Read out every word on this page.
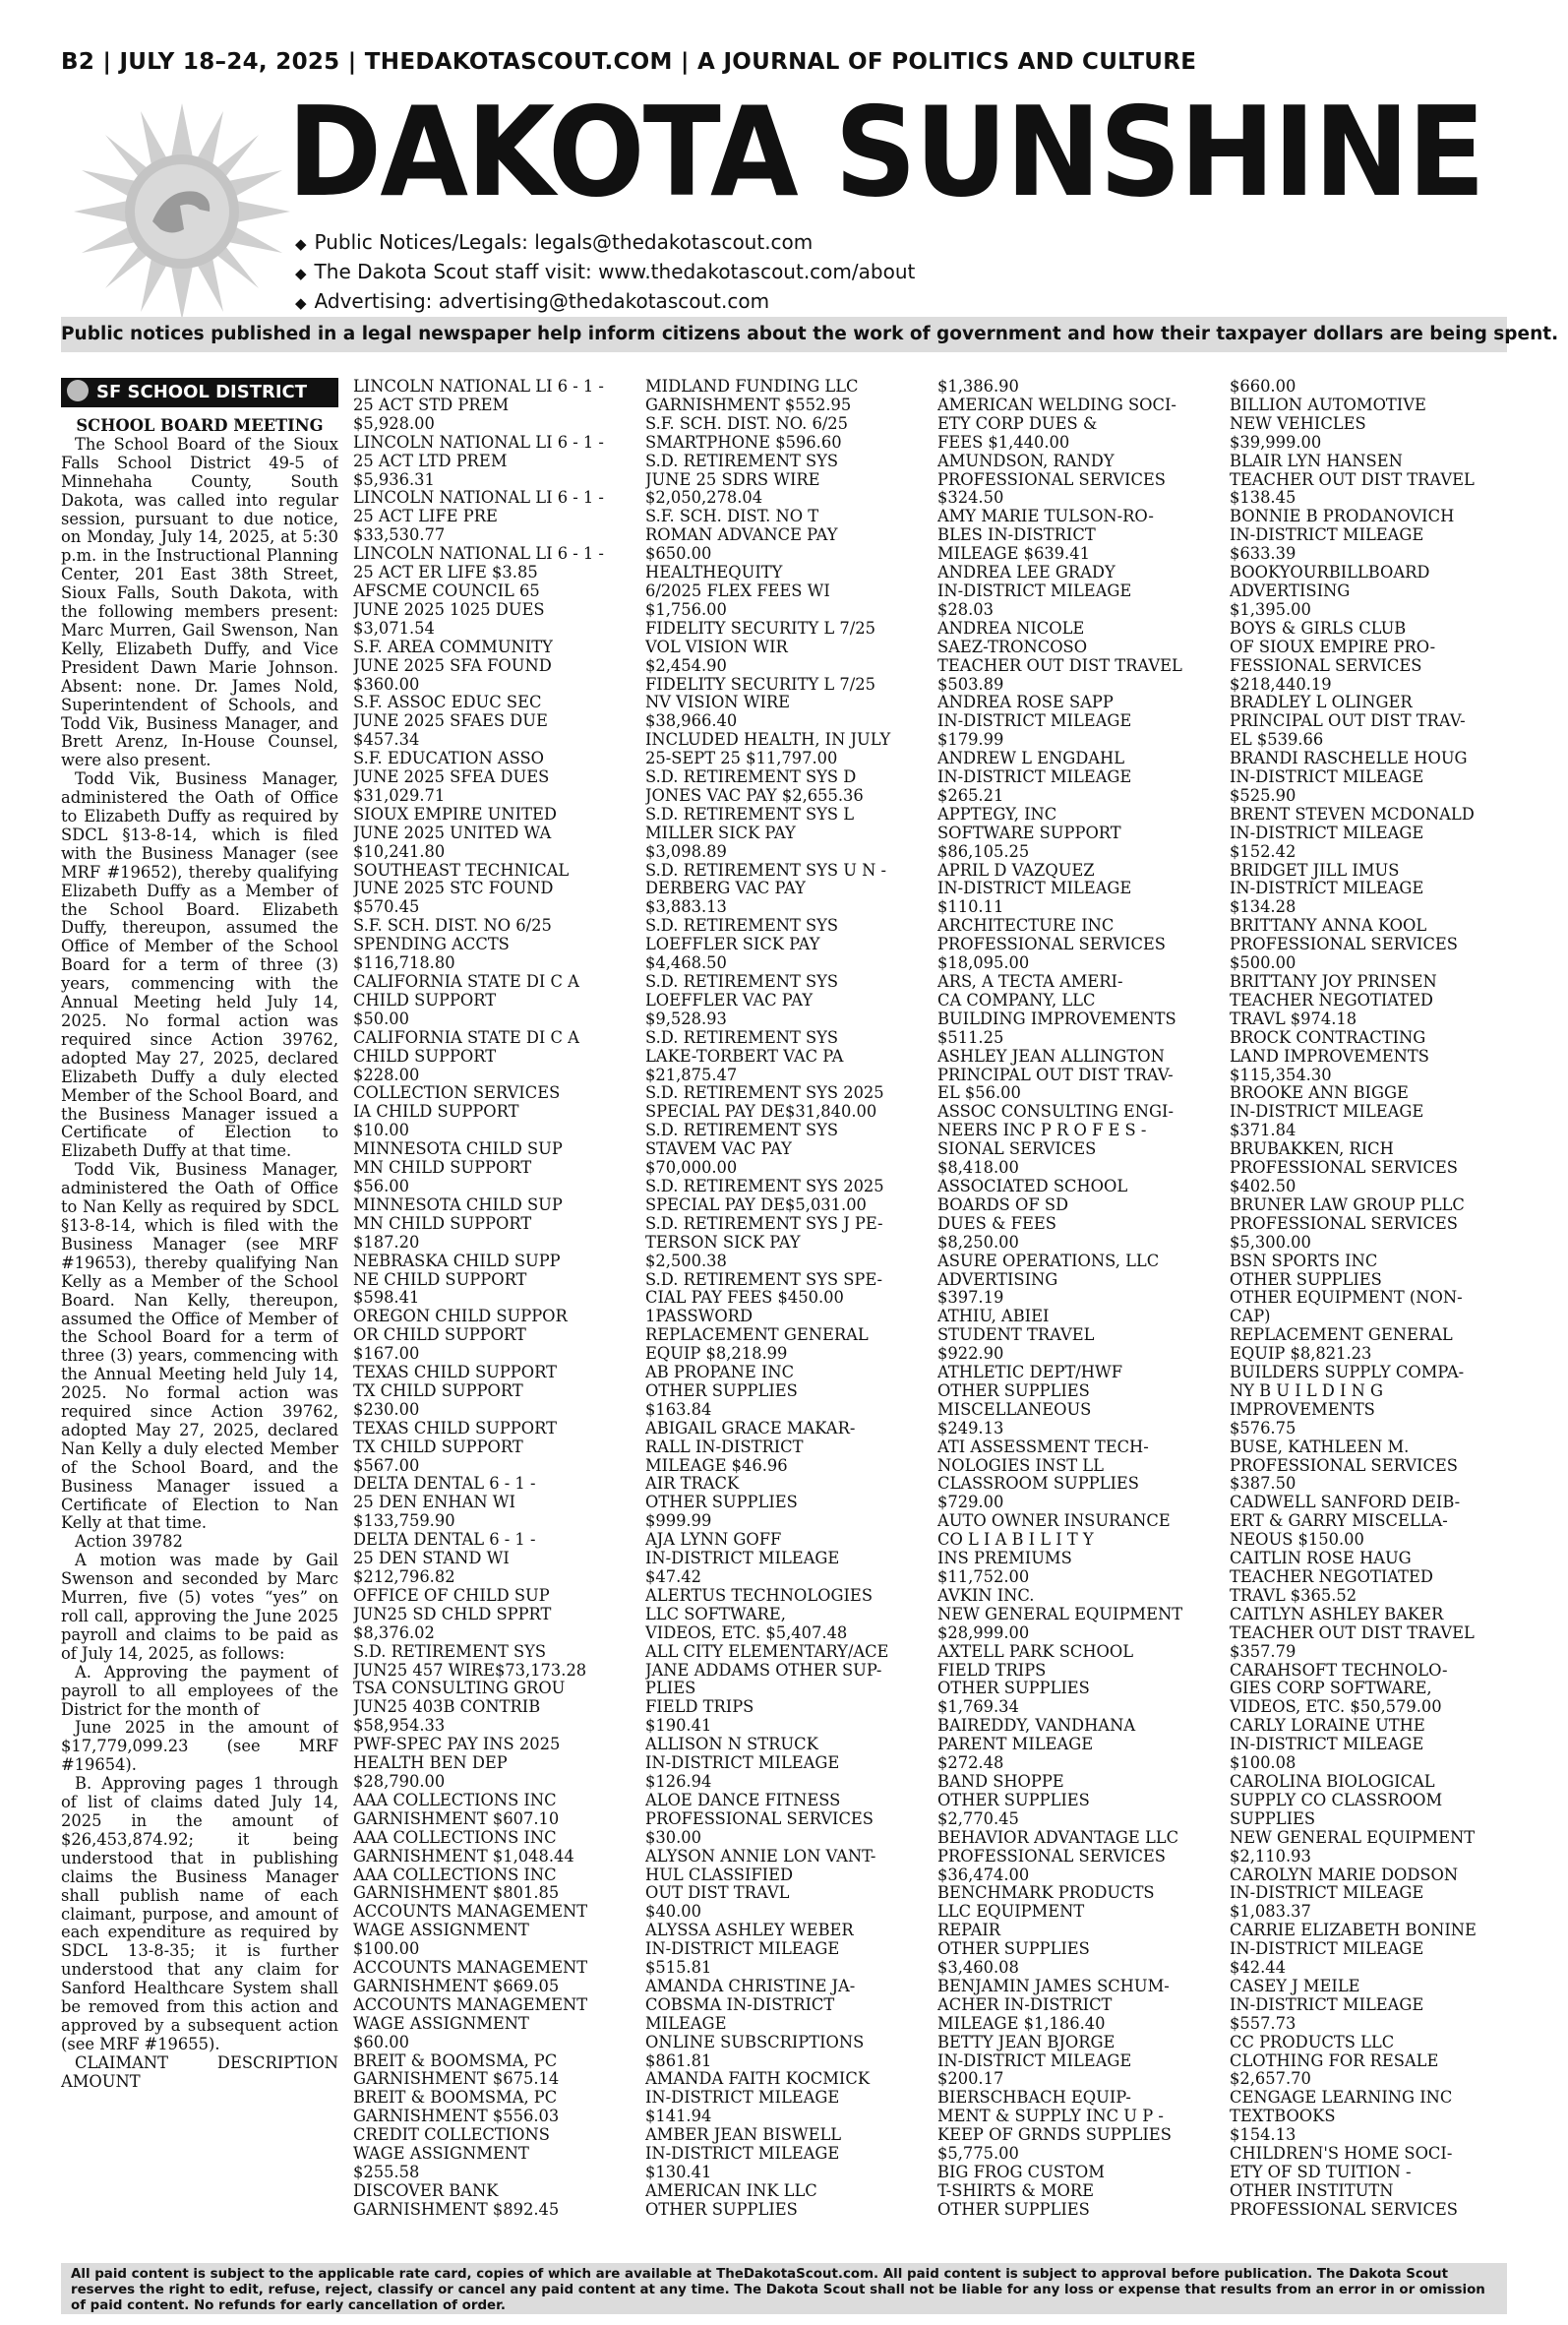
B2 | JULY 18–24, 2025 | THEDAKOTASCOUT.COM | A JOURNAL OF POLITICS AND CULTURE
DAKOTA SUNSHINE
◆ Public Notices/Legals: legals@thedakotascout.com
◆ The Dakota Scout staff visit: www.thedakotascout.com/about
◆ Advertising: advertising@thedakotascout.com
Public notices published in a legal newspaper help inform citizens about the work of government and how their taxpayer dollars are being spent.
SF SCHOOL DISTRICT

SCHOOL BOARD MEETING

The School Board of the Sioux Falls School District 49-5 of Minnehaha County, South Dakota, was called into regular session, pursuant to due notice, on Monday, July 14, 2025, at 5:30 p.m. in the Instructional Planning Center, 201 East 38th Street, Sioux Falls, South Dakota, with the following members present: Marc Murren, Gail Swenson, Nan Kelly, Elizabeth Duffy, and Vice President Dawn Marie Johnson. Absent: none. Dr. James Nold, Superintendent of Schools, and Todd Vik, Business Manager, and Brett Arenz, In-House Counsel, were also present.

Todd Vik, Business Manager, administered the Oath of Office to Elizabeth Duffy as required by SDCL §13-8-14, which is filed with the Business Manager (see MRF #19652), thereby qualifying Elizabeth Duffy as a Member of the School Board. Elizabeth Duffy, thereupon, assumed the Office of Member of the School Board for a term of three (3) years, commencing with the Annual Meeting held July 14, 2025. No formal action was required since Action 39762, adopted May 27, 2025, declared Elizabeth Duffy a duly elected Member of the School Board, and the Business Manager issued a Certificate of Election to Elizabeth Duffy at that time.

Todd Vik, Business Manager, administered the Oath of Office to Nan Kelly as required by SDCL §13-8-14, which is filed with the Business Manager (see MRF #19653), thereby qualifying Nan Kelly as a Member of the School Board. Nan Kelly, thereupon, assumed the Office of Member of the School Board for a term of three (3) years, commencing with the Annual Meeting held July 14, 2025. No formal action was required since Action 39762, adopted May 27, 2025, declared Nan Kelly a duly elected Member of the School Board, and the Business Manager issued a Certificate of Election to Nan Kelly at that time.

Action 39782

A motion was made by Gail Swenson and seconded by Marc Murren, five (5) votes “yes” on roll call, approving the June 2025 payroll and claims to be paid as of July 14, 2025, as follows:

A. Approving the payment of payroll to all employees of the District for the month of

June 2025 in the amount of $17,779,099.23 (see MRF #19654).

B. Approving pages 1 through of list of claims dated July 14, 2025 in the amount of $26,453,874.92; it being understood that in publishing claims the Business Manager shall publish name of each claimant, purpose, and amount of each expenditure as required by SDCL 13-8-35; it is further understood that any claim for Sanford Healthcare System shall be removed from this action and approved by a subsequent action (see MRF #19655).

CLAIMANT DESCRIPTION AMOUNT

LINCOLN NATIONAL LI 6 - 1 -
25 ACT STD PREM
$5,928.00
LINCOLN NATIONAL LI 6 - 1 -
25 ACT LTD PREM
$5,936.31
LINCOLN NATIONAL LI 6 - 1 -
25 ACT LIFE PRE
$33,530.77
LINCOLN NATIONAL LI 6 - 1 -
25 ACT ER LIFE $3.85
AFSCME COUNCIL 65
JUNE 2025 1025 DUES
$3,071.54
S.F. AREA COMMUNITY
JUNE 2025 SFA FOUND
$360.00
S.F. ASSOC EDUC SEC
JUNE 2025 SFAES DUE
$457.34
S.F. EDUCATION ASSO
JUNE 2025 SFEA DUES
$31,029.71
SIOUX EMPIRE UNITED
JUNE 2025 UNITED WA
$10,241.80
SOUTHEAST TECHNICAL
JUNE 2025 STC FOUND
$570.45
S.F. SCH. DIST. NO 6/25
SPENDING ACCTS
$116,718.80
CALIFORNIA STATE DI C A
CHILD SUPPORT
$50.00
CALIFORNIA STATE DI C A
CHILD SUPPORT
$228.00
COLLECTION SERVICES
IA CHILD SUPPORT
$10.00
MINNESOTA CHILD SUP
MN CHILD SUPPORT
$56.00
MINNESOTA CHILD SUP
MN CHILD SUPPORT
$187.20
NEBRASKA CHILD SUPP
NE CHILD SUPPORT
$598.41
OREGON CHILD SUPPOR
OR CHILD SUPPORT
$167.00
TEXAS CHILD SUPPORT
TX CHILD SUPPORT
$230.00
TEXAS CHILD SUPPORT
TX CHILD SUPPORT
$567.00
DELTA DENTAL 6 - 1 -
25 DEN ENHAN WI
$133,759.90
DELTA DENTAL 6 - 1 -
25 DEN STAND WI
$212,796.82
OFFICE OF CHILD SUP
JUN25 SD CHLD SPPRT
$8,376.02
S.D. RETIREMENT SYS
JUN25 457 WIRE$73,173.28
TSA CONSULTING GROU
JUN25 403B CONTRIB
$58,954.33
PWF-SPEC PAY INS 2025
HEALTH BEN DEP
$28,790.00
AAA COLLECTIONS INC
GARNISHMENT $607.10
AAA COLLECTIONS INC
GARNISHMENT $1,048.44
AAA COLLECTIONS INC
GARNISHMENT $801.85
ACCOUNTS MANAGEMENT
WAGE ASSIGNMENT
$100.00
ACCOUNTS MANAGEMENT
GARNISHMENT $669.05
ACCOUNTS MANAGEMENT
WAGE ASSIGNMENT
$60.00
BREIT & BOOMSMA, PC
GARNISHMENT $675.14
BREIT & BOOMSMA, PC
GARNISHMENT $556.03
CREDIT COLLECTIONS
WAGE ASSIGNMENT
$255.58
DISCOVER BANK
GARNISHMENT $892.45
MIDLAND FUNDING LLC
GARNISHMENT $552.95
S.F. SCH. DIST. NO. 6/25
SMARTPHONE $596.60
S.D. RETIREMENT SYS
JUNE 25 SDRS WIRE
$2,050,278.04
S.F. SCH. DIST. NO T
ROMAN ADVANCE PAY
$650.00
HEALTHEQUITY
6/2025 FLEX FEES WI
$1,756.00
FIDELITY SECURITY L 7/25
VOL VISION WIR
$2,454.90
FIDELITY SECURITY L 7/25
NV VISION WIRE
$38,966.40
INCLUDED HEALTH, IN JULY
25-SEPT 25 $11,797.00
S.D. RETIREMENT SYS D
JONES VAC PAY $2,655.36
S.D. RETIREMENT SYS L
MILLER SICK PAY
$3,098.89
S.D. RETIREMENT SYS U N -
DERBERG VAC PAY
$3,883.13
S.D. RETIREMENT SYS
LOEFFLER SICK PAY
$4,468.50
S.D. RETIREMENT SYS
LOEFFLER VAC PAY
$9,528.93
S.D. RETIREMENT SYS
LAKE-TORBERT VAC PA
$21,875.47
S.D. RETIREMENT SYS 2025
SPECIAL PAY DE$31,840.00
S.D. RETIREMENT SYS
STAVEM VAC PAY
$70,000.00
S.D. RETIREMENT SYS 2025
SPECIAL PAY DE$5,031.00
S.D. RETIREMENT SYS J PE-
TERSON SICK PAY
$2,500.38
S.D. RETIREMENT SYS SPE-
CIAL PAY FEES $450.00
1PASSWORD
REPLACEMENT GENERAL
EQUIP $8,218.99
AB PROPANE INC
OTHER SUPPLIES
$163.84
ABIGAIL GRACE MAKAR-
RALL IN-DISTRICT
MILEAGE $46.96
AIR TRACK
OTHER SUPPLIES
$999.99
AJA LYNN GOFF
IN-DISTRICT MILEAGE
$47.42
ALERTUS TECHNOLOGIES
LLC SOFTWARE,
VIDEOS, ETC. $5,407.48
ALL CITY ELEMENTARY/ACE
JANE ADDAMS OTHER SUP-
PLIES
FIELD TRIPS
$190.41
ALLISON N STRUCK
IN-DISTRICT MILEAGE
$126.94
ALOE DANCE FITNESS
PROFESSIONAL SERVICES
$30.00
ALYSON ANNIE LON VANT-
HUL CLASSIFIED
OUT DIST TRAVL
$40.00
ALYSSA ASHLEY WEBER
IN-DISTRICT MILEAGE
$515.81
AMANDA CHRISTINE JA-
COBSMA IN-DISTRICT
MILEAGE
ONLINE SUBSCRIPTIONS
$861.81
AMANDA FAITH KOCMICK
IN-DISTRICT MILEAGE
$141.94
AMBER JEAN BISWELL
IN-DISTRICT MILEAGE
$130.41
AMERICAN INK LLC
OTHER SUPPLIES
$1,386.90
AMERICAN WELDING SOCI-
ETY CORP DUES &
FEES $1,440.00
AMUNDSON, RANDY
PROFESSIONAL SERVICES
$324.50
AMY MARIE TULSON-RO-
BLES IN-DISTRICT
MILEAGE $639.41
ANDREA LEE GRADY
IN-DISTRICT MILEAGE
$28.03
ANDREA NICOLE
SAEZ-TRONCOSO
TEACHER OUT DIST TRAVEL
$503.89
ANDREA ROSE SAPP
IN-DISTRICT MILEAGE
$179.99
ANDREW L ENGDAHL
IN-DISTRICT MILEAGE
$265.21
APPTEGY, INC
SOFTWARE SUPPORT
$86,105.25
APRIL D VAZQUEZ
IN-DISTRICT MILEAGE
$110.11
ARCHITECTURE INC
PROFESSIONAL SERVICES
$18,095.00
ARS, A TECTA AMERI-
CA COMPANY, LLC
BUILDING IMPROVEMENTS
$511.25
ASHLEY JEAN ALLINGTON
PRINCIPAL OUT DIST TRAV-
EL $56.00
ASSOC CONSULTING ENGI-
NEERS INC P R O F E S -
SIONAL SERVICES
$8,418.00
ASSOCIATED SCHOOL
BOARDS OF SD
DUES & FEES
$8,250.00
ASURE OPERATIONS, LLC
ADVERTISING
$397.19
ATHIU, ABIEI
STUDENT TRAVEL
$922.90
ATHLETIC DEPT/HWF
OTHER SUPPLIES
MISCELLANEOUS
$249.13
ATI ASSESSMENT TECH-
NOLOGIES INST LL
CLASSROOM SUPPLIES
$729.00
AUTO OWNER INSURANCE
CO L I A B I L I T Y
INS PREMIUMS
$11,752.00
AVKIN INC.
NEW GENERAL EQUIPMENT
$28,999.00
AXTELL PARK SCHOOL
FIELD TRIPS
OTHER SUPPLIES
$1,769.34
BAIREDDY, VANDHANA
PARENT MILEAGE
$272.48
BAND SHOPPE
OTHER SUPPLIES
$2,770.45
BEHAVIOR ADVANTAGE LLC
PROFESSIONAL SERVICES
$36,474.00
BENCHMARK PRODUCTS
LLC EQUIPMENT
REPAIR
OTHER SUPPLIES
$3,460.08
BENJAMIN JAMES SCHUM-
ACHER IN-DISTRICT
MILEAGE $1,186.40
BETTY JEAN BJORGE
IN-DISTRICT MILEAGE
$200.17
BIERSCHBACH EQUIP-
MENT & SUPPLY INC U P -
KEEP OF GRNDS SUPPLIES
$5,775.00
BIG FROG CUSTOM
T-SHIRTS & MORE
OTHER SUPPLIES
$660.00
BILLION AUTOMOTIVE
NEW VEHICLES
$39,999.00
BLAIR LYN HANSEN
TEACHER OUT DIST TRAVEL
$138.45
BONNIE B PRODANOVICH
IN-DISTRICT MILEAGE
$633.39
BOOKYOURBILLBOARD
ADVERTISING
$1,395.00
BOYS & GIRLS CLUB
OF SIOUX EMPIRE PRO-
FESSIONAL SERVICES
$218,440.19
BRADLEY L OLINGER
PRINCIPAL OUT DIST TRAV-
EL $539.66
BRANDI RASCHELLE HOUG
IN-DISTRICT MILEAGE
$525.90
BRENT STEVEN MCDONALD
IN-DISTRICT MILEAGE
$152.42
BRIDGET JILL IMUS
IN-DISTRICT MILEAGE
$134.28
BRITTANY ANNA KOOL
PROFESSIONAL SERVICES
$500.00
BRITTANY JOY PRINSEN
TEACHER NEGOTIATED
TRAVL $974.18
BROCK CONTRACTING
LAND IMPROVEMENTS
$115,354.30
BROOKE ANN BIGGE
IN-DISTRICT MILEAGE
$371.84
BRUBAKKEN, RICH
PROFESSIONAL SERVICES
$402.50
BRUNER LAW GROUP PLLC
PROFESSIONAL SERVICES
$5,300.00
BSN SPORTS INC
OTHER SUPPLIES
OTHER EQUIPMENT (NON-
CAP)
REPLACEMENT GENERAL
EQUIP $8,821.23
BUILDERS SUPPLY COMPA-
NY B U I L D I N G
IMPROVEMENTS
$576.75
BUSE, KATHLEEN M.
PROFESSIONAL SERVICES
$387.50
CADWELL SANFORD DEIB-
ERT & GARRY MISCELLA-
NEOUS $150.00
CAITLIN ROSE HAUG
TEACHER NEGOTIATED
TRAVL $365.52
CAITLYN ASHLEY BAKER
TEACHER OUT DIST TRAVEL
$357.79
CARAHSOFT TECHNOLO-
GIES CORP SOFTWARE,
VIDEOS, ETC. $50,579.00
CARLY LORAINE UTHE
IN-DISTRICT MILEAGE
$100.08
CAROLINA BIOLOGICAL
SUPPLY CO CLASSROOM
SUPPLIES
NEW GENERAL EQUIPMENT
$2,110.93
CAROLYN MARIE DODSON
IN-DISTRICT MILEAGE
$1,083.37
CARRIE ELIZABETH BONINE
IN-DISTRICT MILEAGE
$42.44
CASEY J MEILE
IN-DISTRICT MILEAGE
$557.73
CC PRODUCTS LLC
CLOTHING FOR RESALE
$2,657.70
CENGAGE LEARNING INC
TEXTBOOKS
$154.13
CHILDREN'S HOME SOCI-
ETY OF SD TUITION -
OTHER INSTITUTN
PROFESSIONAL SERVICES
All paid content is subject to the applicable rate card, copies of which are available at TheDakotaScout.com. All paid content is subject to approval before publication. The Dakota Scout reserves the right to edit, refuse, reject, classify or cancel any paid content at any time. The Dakota Scout shall not be liable for any loss or expense that results from an error in or omission of paid content. No refunds for early cancellation of order.
